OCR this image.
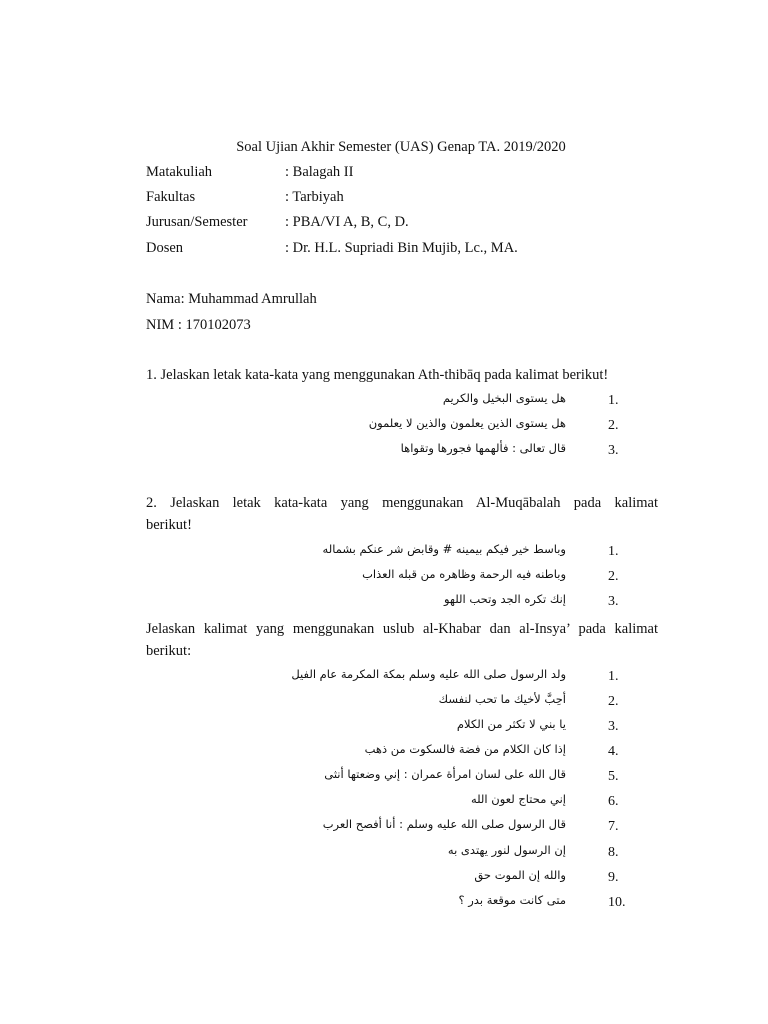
Soal Ujian Akhir Semester (UAS) Genap TA. 2019/2020
Matakuliah	: Balagah II
Fakultas	: Tarbiyah
Jurusan/Semester	: PBA/VI A, B, C, D.
Dosen	: Dr. H.L. Supriadi Bin Mujib, Lc., MA.
Nama: Muhammad Amrullah
NIM : 170102073
1. Jelaskan letak kata-kata yang menggunakan Ath-thibāq pada kalimat berikut!
.1
هل يستوى البخيل والكريم
.2
هل يستوى الذين يعلمون والذين لا يعلمون
.3
قال تعالى : فألهمها فجورها وتقواها
2. Jelaskan letak kata-kata yang menggunakan Al-Muqābalah pada kalimat
berikut!
.1
وباسط خير فيكم بيمينه # وقابض شر عنكم بشماله
.2
وباطنه فيه الرحمة وظاهره من قبله العذاب
.3
إنك تكره الجد وتحب اللهو
Jelaskan kalimat yang menggunakan uslub al-Khabar dan al-Insya’ pada kalimat
berikut:
.1
ولد الرسول صلى الله عليه وسلم بمكة المكرمة عام الفيل
.2
أحِبَّ لأخيك ما تحب لنفسك
.3
يا بني لا تكثر من الكلام
.4
إذا كان الكلام من فضة فالسكوت من ذهب
.5
قال الله على لسان امرأة عمران : إني وضعتها أنثى
.6
إني محتاج لعون الله
.7
قال الرسول صلى الله عليه وسلم : أنا أفصح العرب
.8
إن الرسول لنور يهتدى به
.9
والله إن الموت حق
.10
متى كانت موقعة بدر ؟
